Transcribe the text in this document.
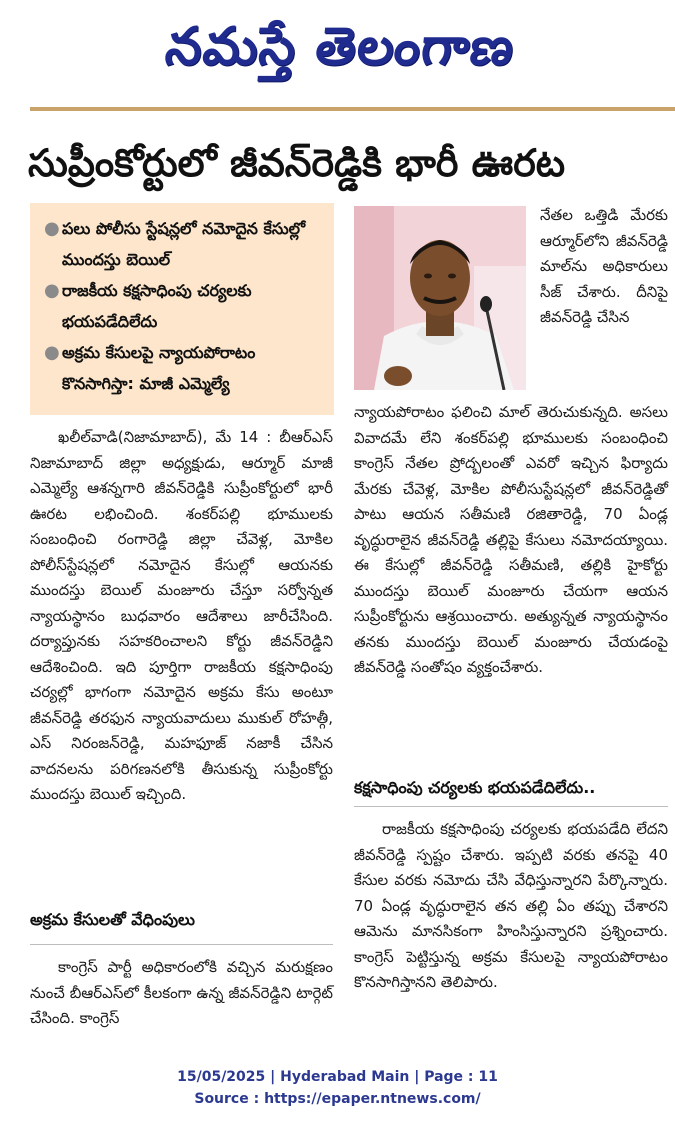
నమస్తే తెలంగాణ
సుప్రీంకోర్టులో జీవన్‌రెడ్డికి భారీ ఊరట
● పలు పోలీసు స్టేషన్లలో నమోదైన కేసుల్లో ముందస్తు బెయిల్
● రాజకీయ కక్షసాధింపు చర్యలకు భయపడేదిలేదు
● అక్రమ కేసులపై న్యాయపోరాటం కొనసాగిస్తా: మాజీ ఎమ్మెల్యే

నేతల ఒత్తిడి మేరకు ఆర్మూర్‌లోని జీవన్‌రెడ్డి మాల్‌ను అధికారులు సీజ్ చేశారు. దీనిపై జీవన్‌రెడ్డి చేసిన

ఖలీల్‌వాడి(నిజామాబాద్), మే 14 : బీఆర్‌ఎస్ నిజామాబాద్ జిల్లా అధ్యక్షుడు, ఆర్మూర్ మాజీ ఎమ్మెల్యే ఆశన్నగారి జీవన్‌రెడ్డికి సుప్రీంకోర్టులో భారీ ఊరట లభించింది. శంకర్‌పల్లి భూములకు సంబంధించి రంగారెడ్డి జిల్లా చేవెళ్ల, మోకిల పోలీస్‌స్టేషన్లలో నమోదైన కేసుల్లో ఆయనకు ముందస్తు బెయిల్ మంజూరు చేస్తూ సర్వోన్నత న్యాయస్థానం బుధవారం ఆదేశాలు జారీచేసింది. దర్యాప్తునకు సహకరించాలని కోర్టు జీవన్‌రెడ్డిని ఆదేశించింది. ఇది పూర్తిగా రాజకీయ కక్షసాధింపు చర్యల్లో భాగంగా నమోదైన అక్రమ కేసు అంటూ జీవన్‌రెడ్డి తరఫున న్యాయవాదులు ముకుల్ రోహత్గీ, ఎస్ నిరంజన్‌రెడ్డి, మహఫూజ్ నజాకీ చేసిన వాదనలను పరిగణనలోకి తీసుకున్న సుప్రీంకోర్టు ముందస్తు బెయిల్ ఇచ్చింది.

అక్రమ కేసులతో వేధింపులు

కాంగ్రెస్ పార్టీ అధికారంలోకి వచ్చిన మరుక్షణం నుంచే బీఆర్‌ఎస్‌లో కీలకంగా ఉన్న జీవన్‌రెడ్డిని టార్గెట్ చేసింది. కాంగ్రెస్

న్యాయపోరాటం ఫలించి మాల్ తెరుచుకున్నది. అసలు వివాదమే లేని శంకర్‌పల్లి భూములకు సంబంధించి కాంగ్రెస్ నేతల ప్రోద్బలంతో ఎవరో ఇచ్చిన ఫిర్యాదు మేరకు చేవెళ్ల, మోకిల పోలీసుస్టేషన్లలో జీవన్‌రెడ్డితో పాటు ఆయన సతీమణి రజితారెడ్డి, 70 ఏండ్ల వృద్ధురాలైన జీవన్‌రెడ్డి తల్లిపై కేసులు నమోదయ్యాయి. ఈ కేసుల్లో జీవన్‌రెడ్డి సతీమణి, తల్లికి హైకోర్టు ముందస్తు బెయిల్ మంజూరు చేయగా ఆయన సుప్రీంకోర్టును ఆశ్రయించారు. అత్యున్నత న్యాయస్థానం తనకు ముందస్తు బెయిల్ మంజూరు చేయడంపై జీవన్‌రెడ్డి సంతోషం వ్యక్తంచేశారు.

కక్షసాధింపు చర్యలకు భయపడేదిలేదు..

రాజకీయ కక్షసాధింపు చర్యలకు భయపడేది లేదని జీవన్‌రెడ్డి స్పష్టం చేశారు. ఇప్పటి వరకు తనపై 40 కేసుల వరకు నమోదు చేసి వేధిస్తున్నారని పేర్కొన్నారు. 70 ఏండ్ల వృద్ధురాలైన తన తల్లి ఏం తప్పు చేశారని ఆమెను మానసికంగా హింసిస్తున్నారని ప్రశ్నించారు. కాంగ్రెస్ పెట్టిస్తున్న అక్రమ కేసులపై న్యాయపోరాటం కొనసాగిస్తానని తెలిపారు.

15/05/2025 | Hyderabad Main | Page : 11
Source : https://epaper.ntnews.com/
